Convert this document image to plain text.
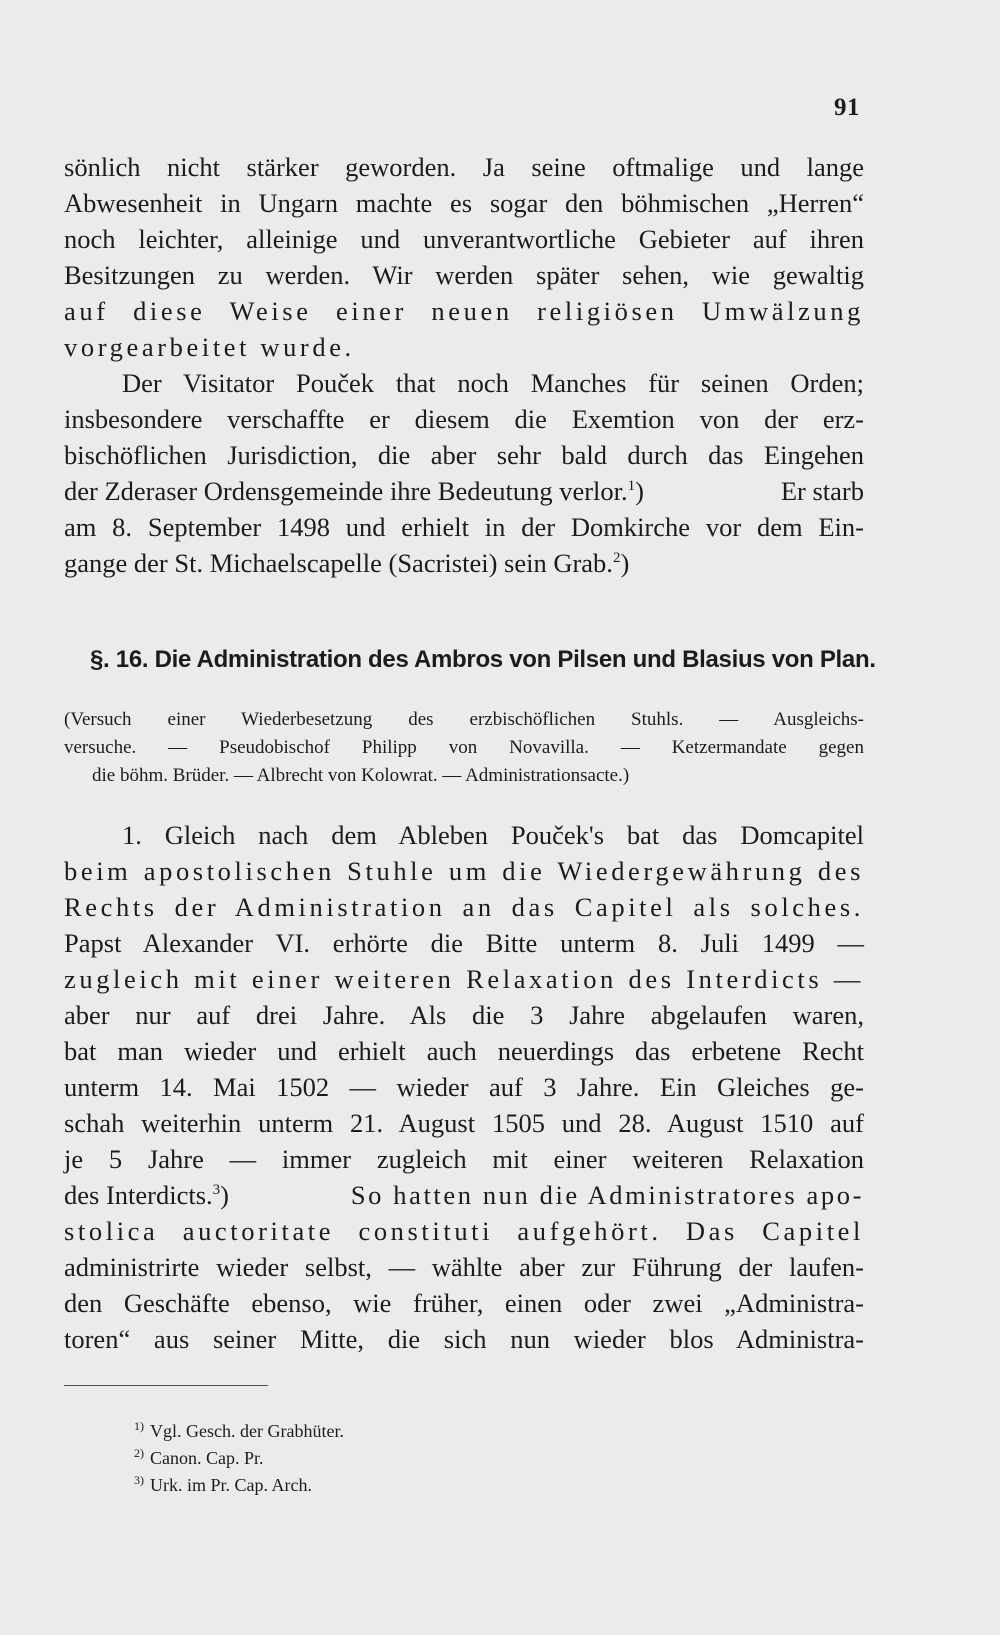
91
sönlich nicht stärker geworden. Ja seine oftmalige und lange
Abwesenheit in Ungarn machte es sogar den böhmischen „Herren“
noch leichter, alleinige und unverantwortliche Gebieter auf ihren
Besitzungen zu werden. Wir werden später sehen, wie gewaltig
auf diese Weise einer neuen religiösen Umwälzung
vorgearbeitet wurde.
Der Visitator Pouček that noch Manches für seinen Orden;
insbesondere verschaffte er diesem die Exemtion von der erz-
bischöflichen Jurisdiction, die aber sehr bald durch das Eingehen
der Zderaser Ordensgemeinde ihre Bedeutung verlor.$^1$)	Er starb
am 8. September 1498 und erhielt in der Domkirche vor dem Ein-
gange der St. Michaelscapelle (Sacristei) sein Grab.$^2$)
§. 16. Die Administration des Ambros von Pilsen und Blasius von Plan.
(Versuch einer Wiederbesetzung des erzbischöflichen Stuhls. — Ausgleichs-
versuche. — Pseudobischof Philipp von Novavilla. — Ketzermandate gegen
die böhm. Brüder. — Albrecht von Kolowrat. — Administrationsacte.)
1. Gleich nach dem Ableben Pouček's bat das Domcapitel
beim apostolischen Stuhle um die Wiedergewährung des
Rechts der Administration an das Capitel als solches.
Papst Alexander VI. erhörte die Bitte unterm 8. Juli 1499 —
zugleich mit einer weiteren Relaxation des Interdicts —
aber nur auf drei Jahre. Als die 3 Jahre abgelaufen waren,
bat man wieder und erhielt auch neuerdings das erbetene Recht
unterm 14. Mai 1502 — wieder auf 3 Jahre. Ein Gleiches ge-
schah weiterhin unterm 21. August 1505 und 28. August 1510 auf
je 5 Jahre — immer zugleich mit einer weiteren Relaxation
des Interdicts.$^3$)	So hatten nun die Administratores apo-
stolica auctoritate constituti aufgehört. Das Capitel
administrirte wieder selbst, — wählte aber zur Führung der laufen-
den Geschäfte ebenso, wie früher, einen oder zwei „Administra-
toren“ aus seiner Mitte, die sich nun wieder blos Administra-
$^{1)}$ Vgl. Gesch. der Grabhüter.
$^{2)}$ Canon. Cap. Pr.
$^{3)}$ Urk. im Pr. Cap. Arch.
